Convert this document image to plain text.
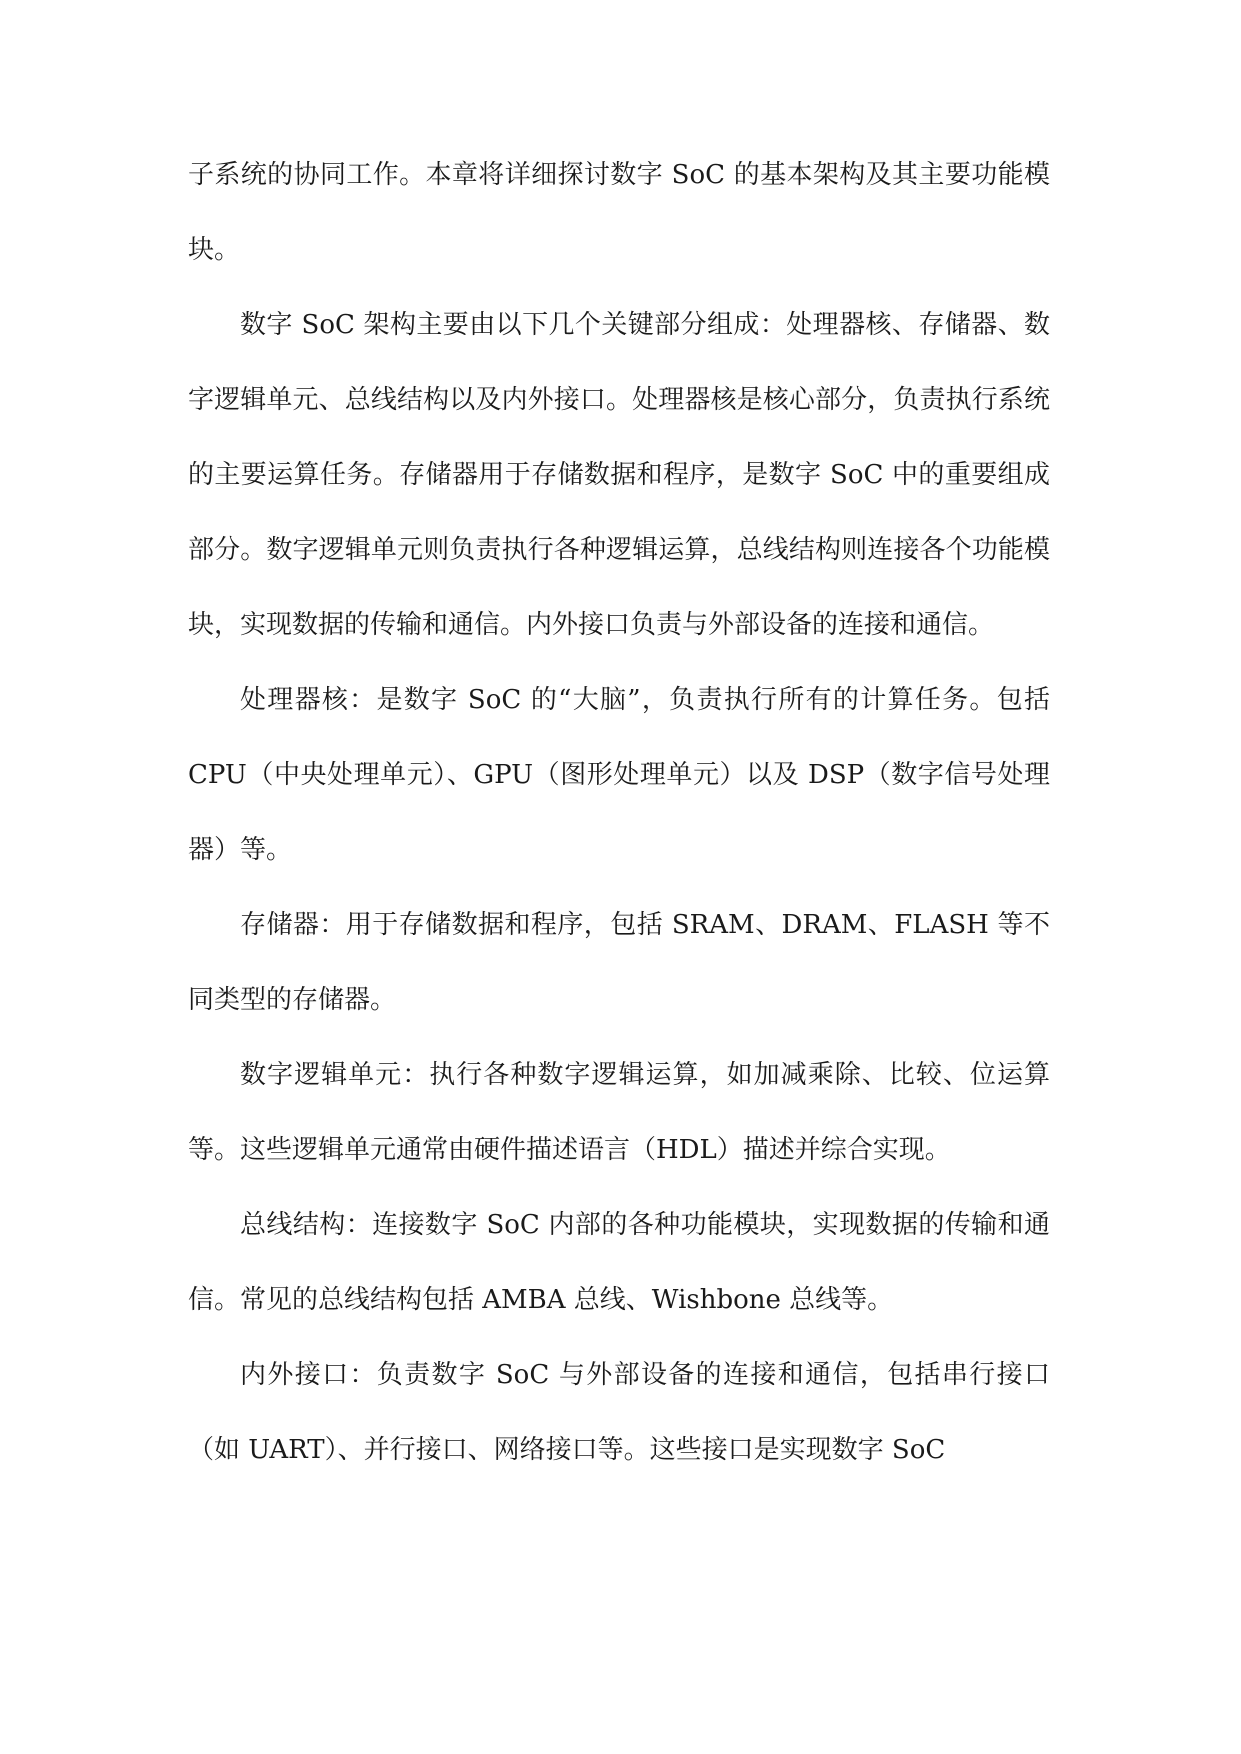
子系统的协同工作。本章将详细探讨数字 SoC 的基本架构及其主要功能模块。

数字 SoC 架构主要由以下几个关键部分组成：处理器核、存储器、数字逻辑单元、总线结构以及内外接口。处理器核是核心部分，负责执行系统的主要运算任务。存储器用于存储数据和程序，是数字 SoC 中的重要组成部分。数字逻辑单元则负责执行各种逻辑运算，总线结构则连接各个功能模块，实现数据的传输和通信。内外接口负责与外部设备的连接和通信。

处理器核：是数字 SoC 的“大脑”，负责执行所有的计算任务。包括 CPU（中央处理单元）、GPU（图形处理单元）以及 DSP（数字信号处理器）等。

存储器：用于存储数据和程序，包括 SRAM、DRAM、FLASH 等不同类型的存储器。

数字逻辑单元：执行各种数字逻辑运算，如加减乘除、比较、位运算等。这些逻辑单元通常由硬件描述语言（HDL）描述并综合实现。

总线结构：连接数字 SoC 内部的各种功能模块，实现数据的传输和通信。常见的总线结构包括 AMBA 总线、Wishbone 总线等。

内外接口：负责数字 SoC 与外部设备的连接和通信，包括串行接口（如 UART）、并行接口、网络接口等。这些接口是实现数字 SoC
